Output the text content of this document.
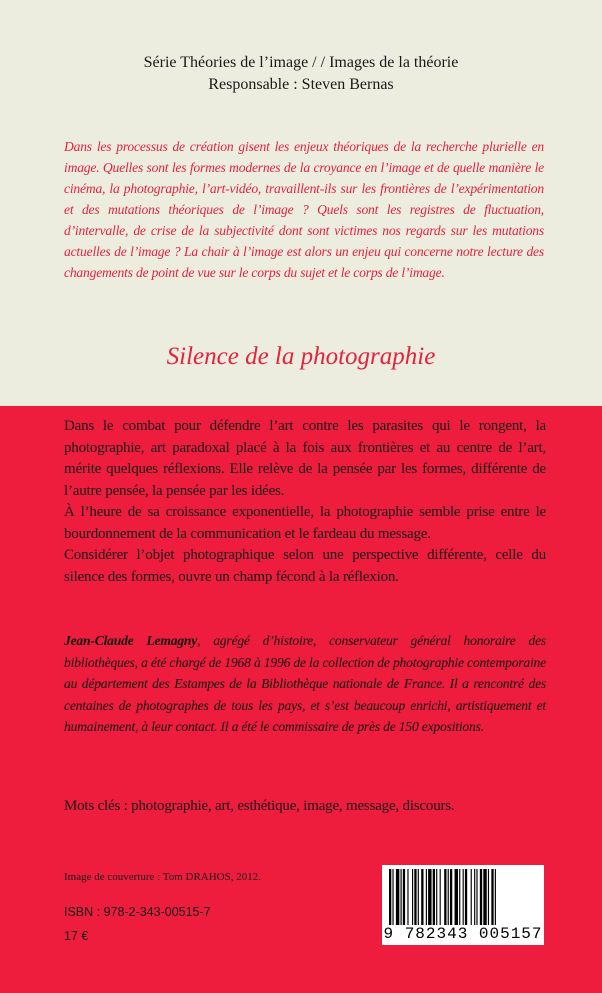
Série Théories de l’image / / Images de la théorie
Responsable : Steven Bernas
Dans les processus de création gisent les enjeux théoriques de la recherche plurielle en image. Quelles sont les formes modernes de la croyance en l’image et de quelle manière le cinéma, la photographie, l’art-vidéo, travaillent-ils sur les frontières de l’expérimentation et des mutations théoriques de l’image ? Quels sont les registres de fluctuation, d’intervalle, de crise de la subjectivité dont sont victimes nos regards sur les mutations actuelles de l’image ? La chair à l’image est alors un enjeu qui concerne notre lecture des changements de point de vue sur le corps du sujet et le corps de l’image.
Silence de la photographie

Dans le combat pour défendre l’art contre les parasites qui le rongent, la photographie, art paradoxal placé à la fois aux frontières et au centre de l’art, mérite quelques réflexions. Elle relève de la pensée par les formes, différente de l’autre pensée, la pensée par les idées.

À l’heure de sa croissance exponentielle, la photographie semble prise entre le bourdonnement de la communication et le fardeau du message.

Considérer l’objet photographique selon une perspective différente, celle du silence des formes, ouvre un champ fécond à la réflexion.

Jean-Claude Lemagny, agrégé d’histoire, conservateur général honoraire des bibliothèques, a été chargé de 1968 à 1996 de la collection de photographie contemporaine au département des Estampes de la Bibliothèque nationale de France. Il a rencontré des centaines de photographes de tous les pays, et s’est beaucoup enrichi, artistiquement et humainement, à leur contact. Il a été le commissaire de près de 150 expositions.
Mots clés : photographie, art, esthétique, image, message, discours.
Image de couverture : Tom DRAHOS, 2012.
ISBN : 978-2-343-00515-7
17 €	9 782343 005157
